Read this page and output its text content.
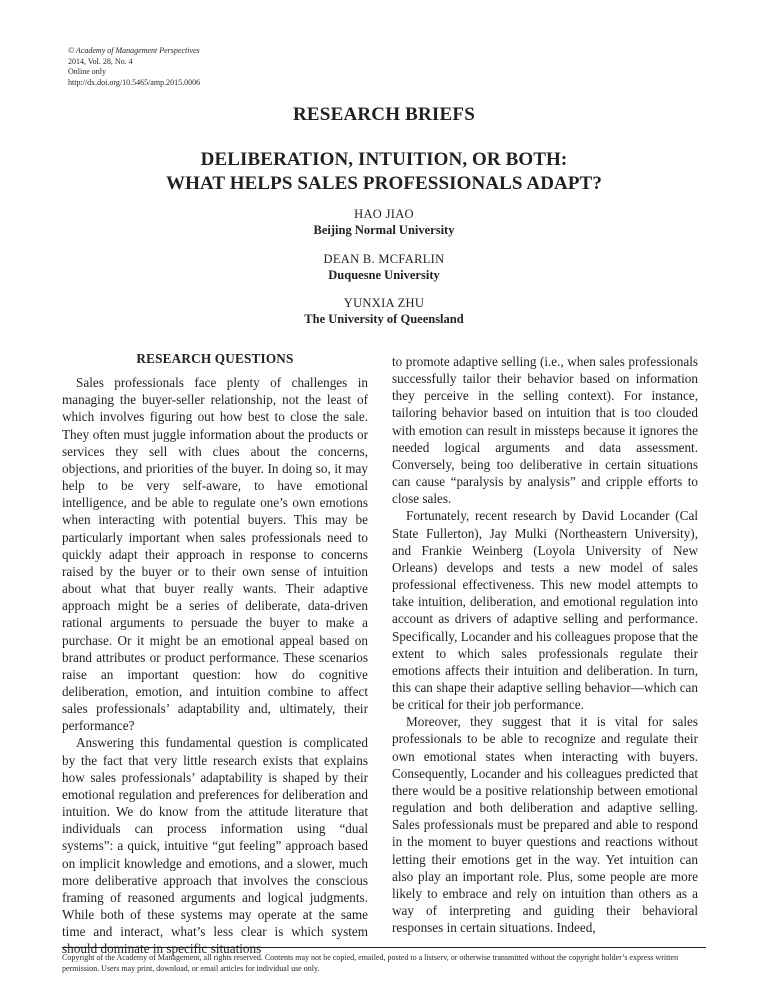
© Academy of Management Perspectives
2014, Vol. 28, No. 4
Online only
http://dx.doi.org/10.5465/amp.2015.0006
RESEARCH BRIEFS
DELIBERATION, INTUITION, OR BOTH:
WHAT HELPS SALES PROFESSIONALS ADAPT?
HAO JIAO
Beijing Normal University
DEAN B. MCFARLIN
Duquesne University
YUNXIA ZHU
The University of Queensland
RESEARCH QUESTIONS

Sales professionals face plenty of challenges in managing the buyer-seller relationship, not the least of which involves figuring out how best to close the sale. They often must juggle information about the products or services they sell with clues about the concerns, objections, and priorities of the buyer. In doing so, it may help to be very self-aware, to have emotional intelligence, and be able to regulate one’s own emotions when interacting with potential buyers. This may be particularly important when sales professionals need to quickly adapt their approach in response to concerns raised by the buyer or to their own sense of intuition about what that buyer really wants. Their adaptive approach might be a series of deliberate, data-driven rational arguments to persuade the buyer to make a purchase. Or it might be an emotional appeal based on brand attributes or product performance. These scenarios raise an important question: how do cognitive deliberation, emotion, and intuition combine to affect sales professionals’ adaptability and, ultimately, their performance?

Answering this fundamental question is complicated by the fact that very little research exists that explains how sales professionals’ adaptability is shaped by their emotional regulation and preferences for deliberation and intuition. We do know from the attitude literature that individuals can process information using “dual systems”: a quick, intuitive “gut feeling” approach based on implicit knowledge and emotions, and a slower, much more deliberative approach that involves the conscious framing of reasoned arguments and logical judgments. While both of these systems may operate at the same time and interact, what’s less clear is which system should dominate in specific situations

to promote adaptive selling (i.e., when sales professionals successfully tailor their behavior based on information they perceive in the selling context). For instance, tailoring behavior based on intuition that is too clouded with emotion can result in missteps because it ignores the needed logical arguments and data assessment. Conversely, being too deliberative in certain situations can cause “paralysis by analysis” and cripple efforts to close sales.

Fortunately, recent research by David Locander (Cal State Fullerton), Jay Mulki (Northeastern University), and Frankie Weinberg (Loyola University of New Orleans) develops and tests a new model of sales professional effectiveness. This new model attempts to take intuition, deliberation, and emotional regulation into account as drivers of adaptive selling and performance. Specifically, Locander and his colleagues propose that the extent to which sales professionals regulate their emotions affects their intuition and deliberation. In turn, this can shape their adaptive selling behavior—which can be critical for their job performance.

Moreover, they suggest that it is vital for sales professionals to be able to recognize and regulate their own emotional states when interacting with buyers. Consequently, Locander and his colleagues predicted that there would be a positive relationship between emotional regulation and both deliberation and adaptive selling. Sales professionals must be prepared and able to respond in the moment to buyer questions and reactions without letting their emotions get in the way. Yet intuition can also play an important role. Plus, some people are more likely to embrace and rely on intuition than others as a way of interpreting and guiding their behavioral responses in certain situations. Indeed,

Copyright of the Academy of Management, all rights reserved. Contents may not be copied, emailed, posted to a listserv, or otherwise transmitted without the copyright holder’s express written permission. Users may print, download, or email articles for individual use only.
